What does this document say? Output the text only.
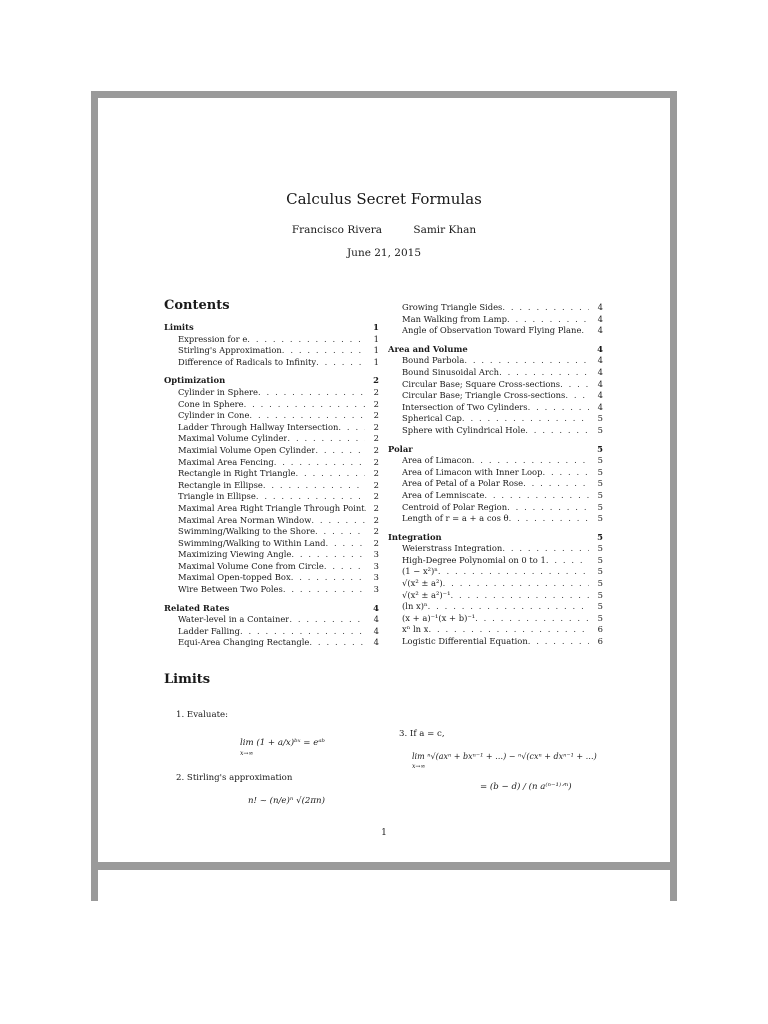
Calculus Secret Formulas
Francisco Rivera	Samir Khan
June 21, 2015
Contents
Limits	1
Expression for e . . .	1
Stirling's Approximation . . .	1
Difference of Radicals to Infinity . . .	1
Optimization	2
Cylinder in Sphere . . .	2
Cone in Sphere . . .	2
Cylinder in Cone . . .	2
Ladder Through Hallway Intersection . . .	2
Maximal Volume Cylinder . . .	2
Maximial Volume Open Cylinder . . .	2
Maximal Area Fencing . . .	2
Rectangle in Right Triangle . . .	2
Rectangle in Ellipse . . .	2
Triangle in Ellipse . . .	2
Maximal Area Right Triangle Through Point . . .	2
Maximal Area Norman Window . . .	2
Swimming/Walking to the Shore . . .	2
Swimming/Walking to Within Land . . .	2
Maximizing Viewing Angle . . .	3
Maximal Volume Cone from Circle . . .	3
Maximal Open-topped Box . . .	3
Wire Between Two Poles . . .	3
Related Rates	4
Water-level in a Container . . .	4
Ladder Falling . . .	4
Equi-Area Changing Rectangle . . .	4
Growing Triangle Sides . . .	4
Man Walking from Lamp . . .	4
Angle of Observation Toward Flying Plane . . .	4
Area and Volume	4
Bound Parbola . . .	4
Bound Sinusoidal Arch . . .	4
Circular Base; Square Cross-sections . . .	4
Circular Base; Triangle Cross-sections . . .	4
Intersection of Two Cylinders . . .	4
Spherical Cap . . .	5
Sphere with Cylindrical Hole . . .	5
Polar	5
Area of Limacon . . .	5
Area of Limacon with Inner Loop . . .	5
Area of Petal of a Polar Rose . . .	5
Area of Lemniscate . . .	5
Centroid of Polar Region . . .	5
Length of r = a + a cos θ . . .	5
Integration	5
Weierstrass Integration . . .	5
High-Degree Polynomial on 0 to 1 . . .	5
(1 − x²)ⁿ . . .	5
√(x² ± a²) . . .	5
√(x² ± a²)⁻¹ . . .	5
(ln x)ⁿ . . .	5
(x + a)⁻¹(x + b)⁻¹ . . .	5
xⁿ ln x . . .	6
Logistic Differential Equation . . .	6
Limits
1. Evaluate:
lim (1 + a/x)ᵇˣ = eᵃᵇ
x→∞
2. Stirling's approximation
n! ~ (n/e)ⁿ √(2πn)
3. If a = c,
lim ⁿ√(axⁿ + bxⁿ⁻¹ + …) − ⁿ√(cxⁿ + dxⁿ⁻¹ + …)
x→∞
= (b − d) / (n a⁽ⁿ⁻¹⁾ᐟⁿ)
1
